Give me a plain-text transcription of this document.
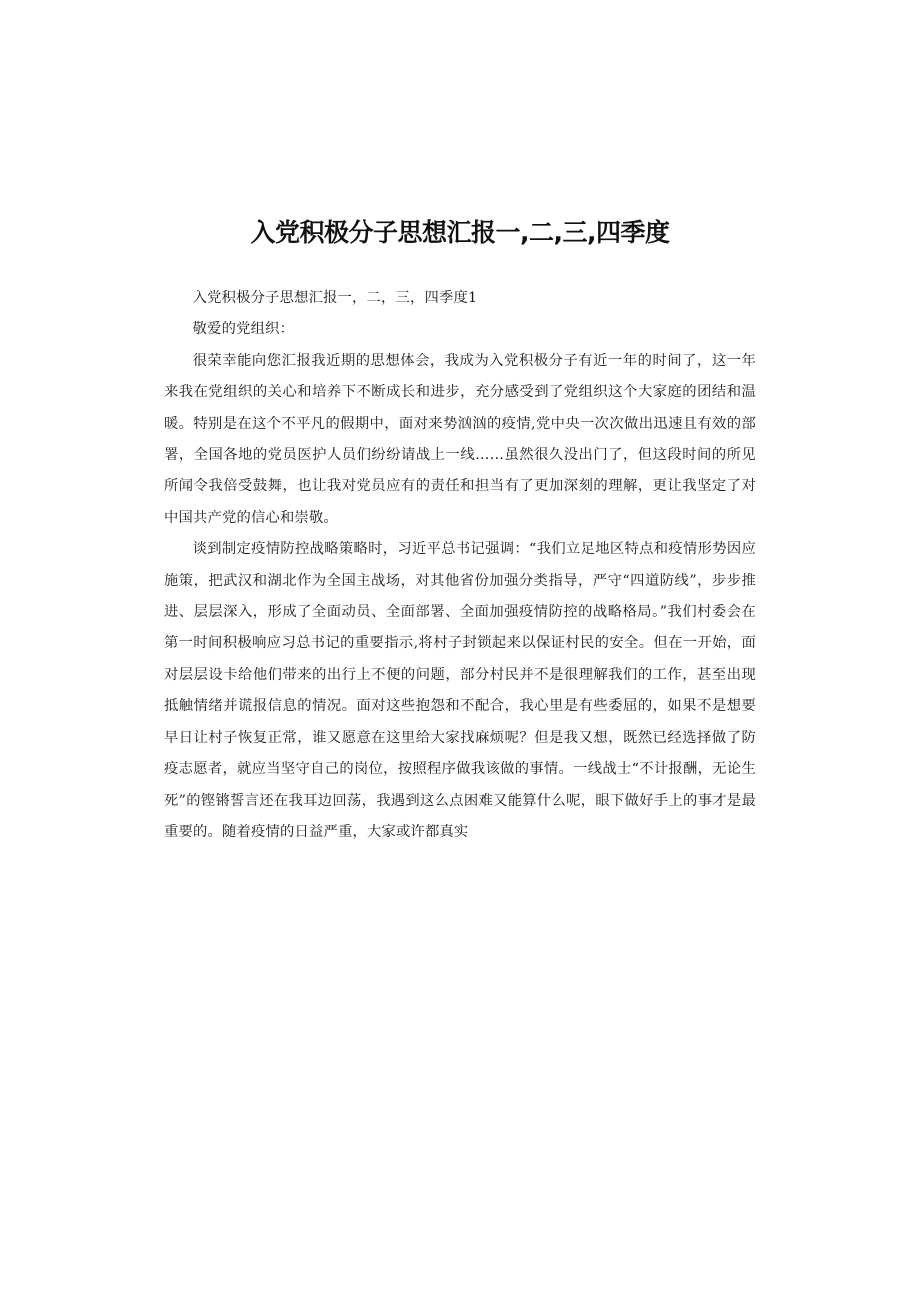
入党积极分子思想汇报一,二,三,四季度

入党积极分子思想汇报一，二，三，四季度1

敬爱的党组织：

很荣幸能向您汇报我近期的思想体会，我成为入党积极分子有近一年的时间了，这一年来我在党组织的关心和培养下不断成长和进步，充分感受到了党组织这个大家庭的团结和温暖。特别是在这个不平凡的假期中，面对来势汹汹的疫情,党中央一次次做出迅速且有效的部署，全国各地的党员医护人员们纷纷请战上一线……虽然很久没出门了，但这段时间的所见所闻令我倍受鼓舞，也让我对党员应有的责任和担当有了更加深刻的理解，更让我坚定了对中国共产党的信心和崇敬。

谈到制定疫情防控战略策略时，习近平总书记强调：“我们立足地区特点和疫情形势因应施策，把武汉和湖北作为全国主战场，对其他省份加强分类指导，严守“四道防线”，步步推进、层层深入，形成了全面动员、全面部署、全面加强疫情防控的战略格局。”我们村委会在第一时间积极响应习总书记的重要指示,将村子封锁起来以保证村民的安全。但在一开始，面对层层设卡给他们带来的出行上不便的问题，部分村民并不是很理解我们的工作，甚至出现抵触情绪并谎报信息的情况。面对这些抱怨和不配合，我心里是有些委屈的，如果不是想要早日让村子恢复正常，谁又愿意在这里给大家找麻烦呢？但是我又想，既然已经选择做了防疫志愿者，就应当坚守自己的岗位，按照程序做我该做的事情。一线战士“不计报酬，无论生死”的铿锵誓言还在我耳边回荡，我遇到这么点困难又能算什么呢，眼下做好手上的事才是最重要的。随着疫情的日益严重，大家或许都真实
